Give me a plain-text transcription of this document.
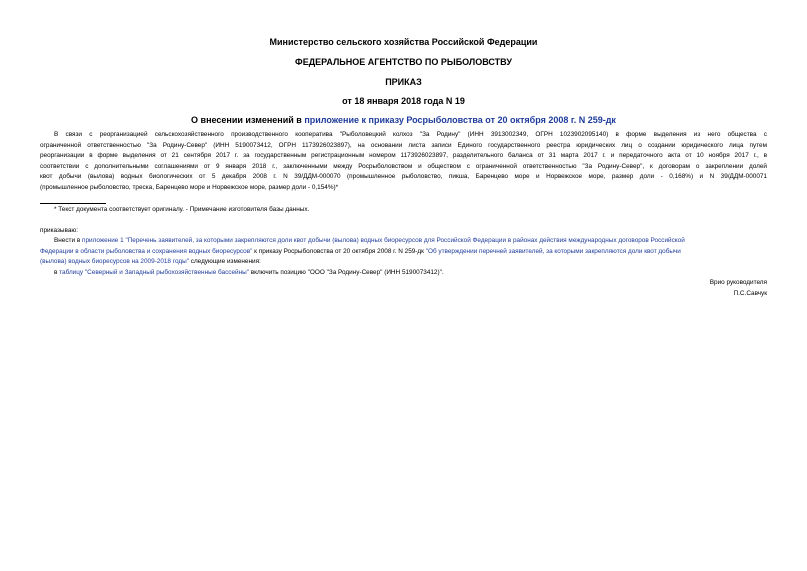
Министерство сельского хозяйства Российской Федерации
ФЕДЕРАЛЬНОЕ АГЕНТСТВО ПО РЫБОЛОВСТВУ
ПРИКАЗ
от 18 января 2018 года N 19
О внесении изменений в приложение к приказу Росрыболовства от 20 октября 2008 г. N 259-дк
В связи с реорганизацией сельскохозяйственного производственного кооператива "Рыболовецкий колхоз "За Родину" (ИНН 3913002349, ОГРН 1023902095140) в форме выделения из него общества с
ограниченной ответственностью "За Родину-Север" (ИНН 5190073412, ОГРН 1173926023897), на основании листа записи Единого государственного реестра юридических лиц о создании юридического лица путем
реорганизации в форме выделения от 21 сентября 2017 г. за государственным регистрационным номером 1173926023897, разделительного баланса от 31 марта 2017 г. и передаточного акта от 10 ноября 2017 г., в
соответствии с дополнительными соглашениями от 9 января 2018 г., заключенными между Росрыболовством и обществом с ограниченной ответственностью "За Родину-Север", к договорам о закреплении долей
квот добычи (вылова) водных биологических от 5 декабря 2008 г. N 39/ДДМ-000070 (промышленное рыболовство, пикша, Баренцево море и Норвежское море, размер доли - 0,168%) и N 39/ДДМ-000071
(промышленное рыболовство, треска, Баренцево море и Норвежское море, размер доли - 0,154%)*
* Текст документа соответствует оригиналу. - Примечание изготовителя базы данных.
приказываю:
Внести в приложение 1 "Перечень заявителей, за которыми закрепляются доли квот добычи (вылова) водных биоресурсов для Российской Федерации в районах действия международных договоров Российской
Федерации в области рыболовства и сохранения водных биоресурсов" к приказу Росрыболовства от 20 октября 2008 г. N 259-дк "Об утверждении перечней заявителей, за которыми закрепляются доли квот добычи
(вылова) водных биоресурсов на 2009-2018 годы" следующие изменения:
в таблицу "Северный и Западный рыбохозяйственные бассейны" включить позицию "ООО "За Родину-Север" (ИНН 5190073412)".
Врио руководителя
П.С.Савчук
